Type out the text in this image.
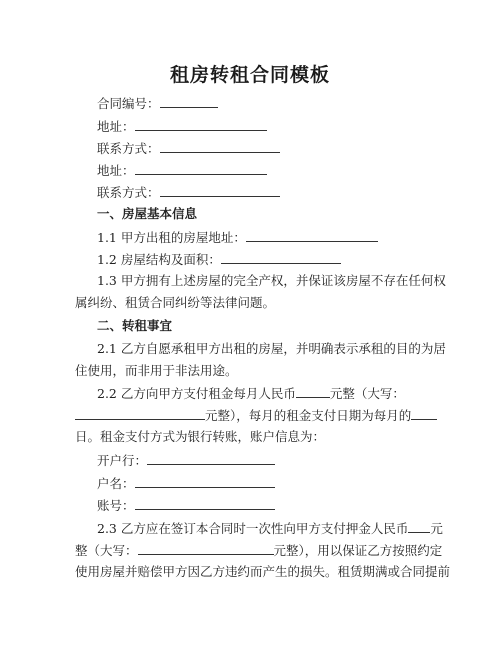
租房转租合同模板
合同编号：
地址：
联系方式：
地址：
联系方式：
一、房屋基本信息
1.1 甲方出租的房屋地址：
1.2 房屋结构及面积：
1.3 甲方拥有上述房屋的完全产权，并保证该房屋不存在任何权
属纠纷、租赁合同纠纷等法律问题。
二、转租事宜
2.1 乙方自愿承租甲方出租的房屋，并明确表示承租的目的为居
住使用，而非用于非法用途。
2.2 乙方向甲方支付租金每月人民币	元整（大写：
元整），每月的租金支付日期为每月的
日。租金支付方式为银行转账，账户信息为：
开户行：
户名：
账号：
2.3 乙方应在签订本合同时一次性向甲方支付押金人民币 元
整（大写：	元整），用以保证乙方按照约定
使用房屋并赔偿甲方因乙方违约而产生的损失。租赁期满或合同提前
